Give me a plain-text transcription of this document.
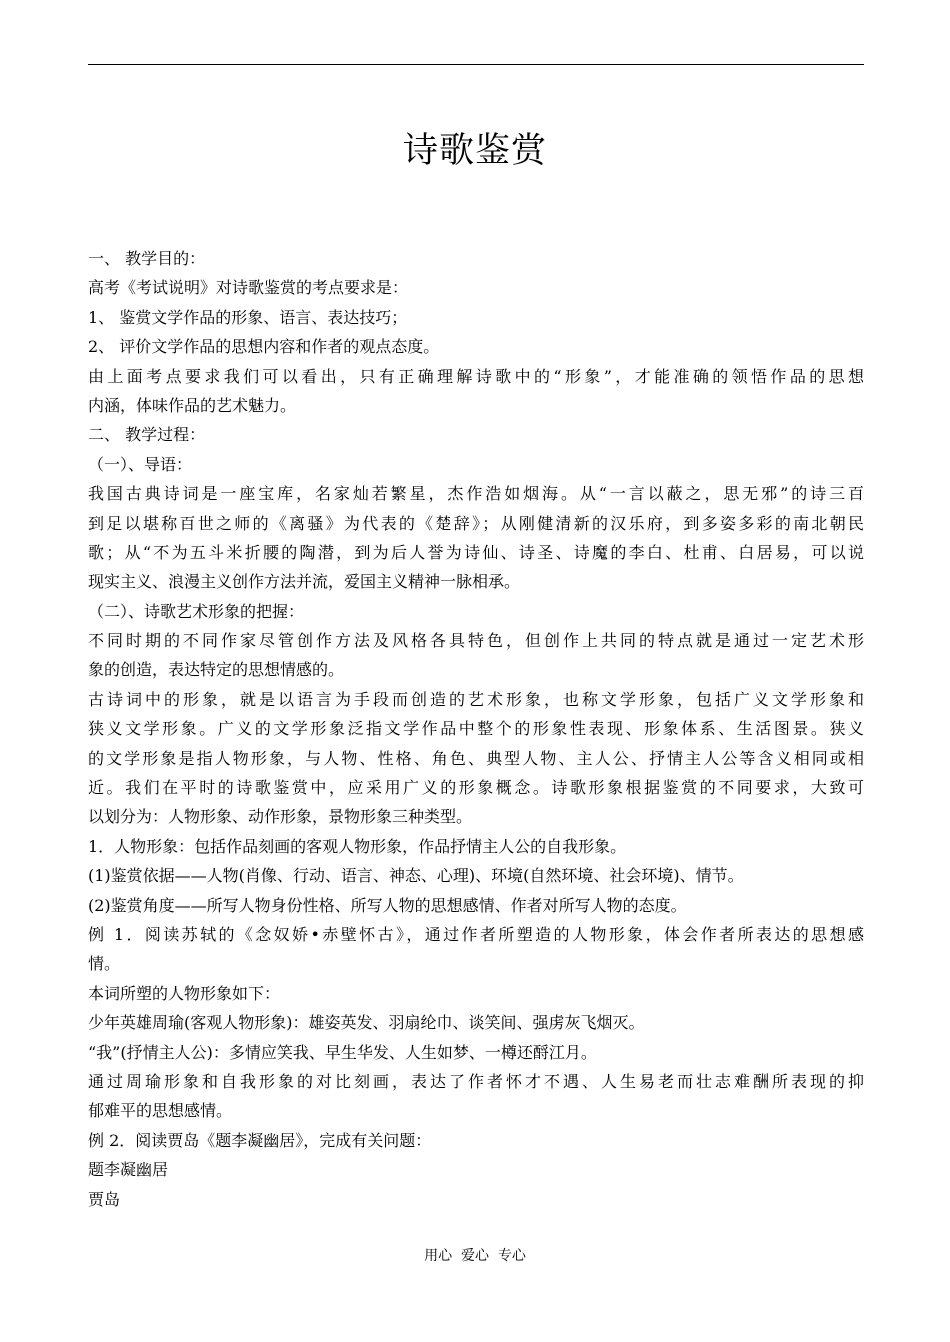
诗歌鉴赏
一、 教学目的：
高考《考试说明》对诗歌鉴赏的考点要求是：
1、 鉴赏文学作品的形象、语言、表达技巧；
2、 评价文学作品的思想内容和作者的观点态度。
由上面考点要求我们可以看出，只有正确理解诗歌中的“形象”，才能准确的领悟作品的思想
内涵，体味作品的艺术魅力。
二、 教学过程：
（一）、导语：
我国古典诗词是一座宝库，名家灿若繁星，杰作浩如烟海。从“一言以蔽之，思无邪”的诗三百
到足以堪称百世之师的《离骚》为代表的《楚辞》；从刚健清新的汉乐府，到多姿多彩的南北朝民
歌；从“不为五斗米折腰的陶潜，到为后人誉为诗仙、诗圣、诗魔的李白、杜甫、白居易，可以说
现实主义、浪漫主义创作方法并流，爱国主义精神一脉相承。
（二）、诗歌艺术形象的把握：
不同时期的不同作家尽管创作方法及风格各具特色，但创作上共同的特点就是通过一定艺术形
象的创造，表达特定的思想情感的。
古诗词中的形象，就是以语言为手段而创造的艺术形象，也称文学形象，包括广义文学形象和
狭义文学形象。广义的文学形象泛指文学作品中整个的形象性表现、形象体系、生活图景。狭义
的文学形象是指人物形象，与人物、性格、角色、典型人物、主人公、抒情主人公等含义相同或相
近。我们在平时的诗歌鉴赏中，应采用广义的形象概念。诗歌形象根据鉴赏的不同要求，大致可
以划分为：人物形象、动作形象，景物形象三种类型。
1．人物形象：包括作品刻画的客观人物形象，作品抒情主人公的自我形象。
(1)鉴赏依据——人物(肖像、行动、语言、神态、心理)、环境(自然环境、社会环境)、情节。
(2)鉴赏角度——所写人物身份性格、所写人物的思想感情、作者对所写人物的态度。
例 1．阅读苏轼的《念奴娇•赤壁怀古》，通过作者所塑造的人物形象，体会作者所表达的思想感
情。
本词所塑的人物形象如下：
少年英雄周瑜(客观人物形象)：雄姿英发、羽扇纶巾、谈笑间、强虏灰飞烟灭。
“我”(抒情主人公)：多情应笑我、早生华发、人生如梦、一樽还酹江月。
通过周瑜形象和自我形象的对比刻画，表达了作者怀才不遇、人生易老而壮志难酬所表现的抑
郁难平的思想感情。
例 2．阅读贾岛《题李凝幽居》，完成有关问题：
题李凝幽居
贾岛
用心  爱心  专心
